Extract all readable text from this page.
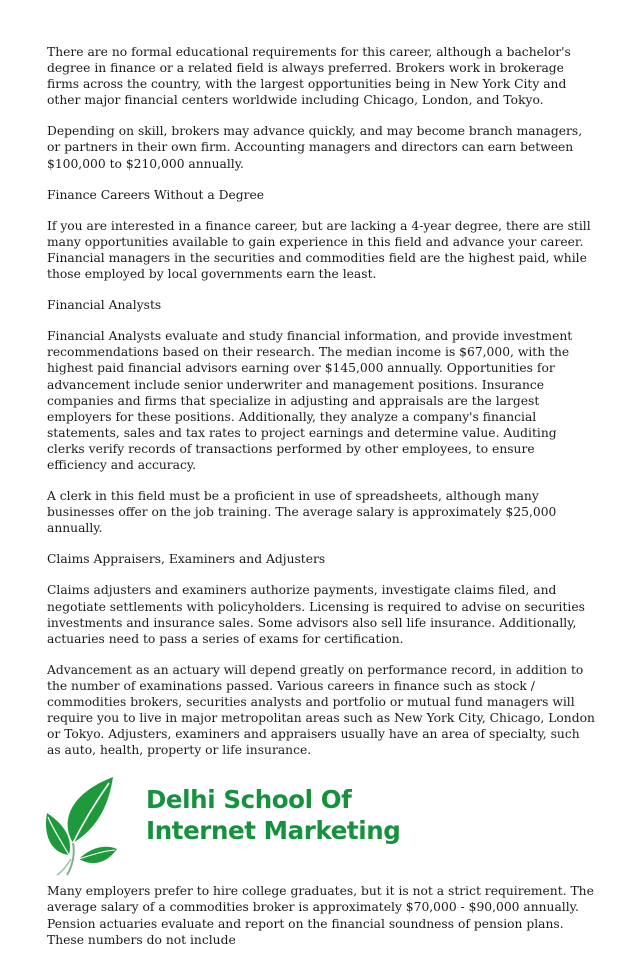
There are no formal educational requirements for this career, although a bachelor's degree in finance or a related field is always preferred. Brokers work in brokerage firms across the country, with the largest opportunities being in New York City and other major financial centers worldwide including Chicago, London, and Tokyo.

Depending on skill, brokers may advance quickly, and may become branch managers, or partners in their own firm. Accounting managers and directors can earn between $100,000 to $210,000 annually.

Finance Careers Without a Degree

If you are interested in a finance career, but are lacking a 4-year degree, there are still many opportunities available to gain experience in this field and advance your career. Financial managers in the securities and commodities field are the highest paid, while those employed by local governments earn the least.

Financial Analysts

Financial Analysts evaluate and study financial information, and provide investment recommendations based on their research. The median income is $67,000, with the highest paid financial advisors earning over $145,000 annually. Opportunities for advancement include senior underwriter and management positions. Insurance companies and firms that specialize in adjusting and appraisals are the largest employers for these positions. Additionally, they analyze a company's financial statements, sales and tax rates to project earnings and determine value. Auditing clerks verify records of transactions performed by other employees, to ensure efficiency and accuracy.

A clerk in this field must be a proficient in use of spreadsheets, although many businesses offer on the job training. The average salary is approximately $25,000 annually.

Claims Appraisers, Examiners and Adjusters

Claims adjusters and examiners authorize payments, investigate claims filed, and negotiate settlements with policyholders. Licensing is required to advise on securities investments and insurance sales. Some advisors also sell life insurance. Additionally, actuaries need to pass a series of exams for certification.

Advancement as an actuary will depend greatly on performance record, in addition to the number of examinations passed. Various careers in finance such as stock / commodities brokers, securities analysts and portfolio or mutual fund managers will require you to live in major metropolitan areas such as New York City, Chicago, London or Tokyo. Adjusters, examiners and appraisers usually have an area of specialty, such as auto, health, property or life insurance.

Delhi School Of
Internet Marketing

Many employers prefer to hire college graduates, but it is not a strict requirement. The average salary of a commodities broker is approximately $70,000 - $90,000 annually. Pension actuaries evaluate and report on the financial soundness of pension plans. These numbers do not include
